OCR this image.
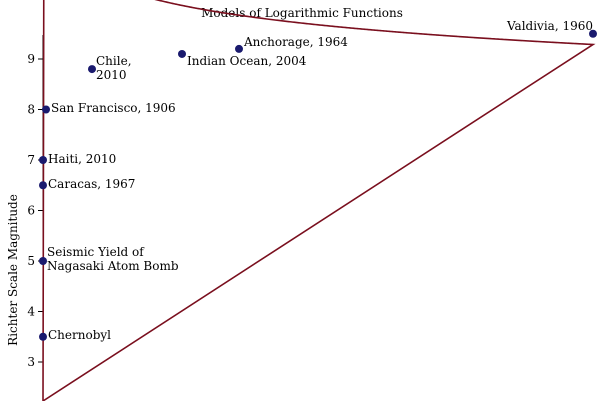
Models of Logarithmic Functions
Richter Scale Magnitude
3
4
5
6
7
8
9
Chernobyl
Seismic Yield of Nagasaki Atom Bomb
Caracas, 1967
Haiti, 2010
San Francisco, 1906
Chile, 2010
Indian Ocean, 2004
Anchorage, 1964
Valdivia, 1960
